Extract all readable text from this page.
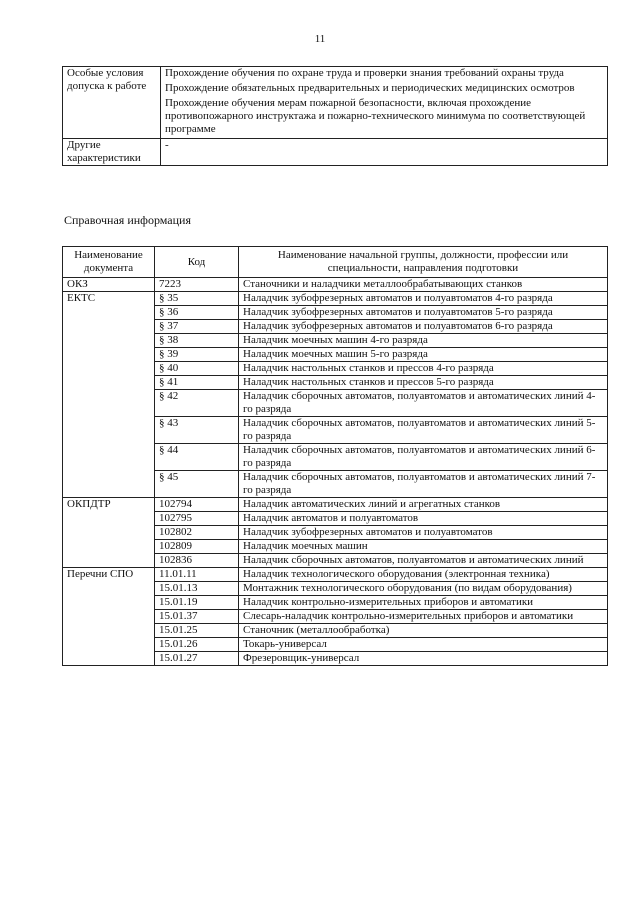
11
Особые условия допуска к работе	Прохождение обучения по охране труда и проверки знания требований охраны труда
Прохождение обязательных предварительных и периодических медицинских осмотров
Прохождение обучения мерам пожарной безопасности, включая прохождение противопожарного инструктажа и пожарно-технического минимума по соответствующей программе

Другие характеристики	-
Справочная информация
Наименование документа	Код	Наименование начальной группы, должности, профессии или специальности, направления подготовки
ОКЗ	7223	Станочники и наладчики металлообрабатывающих станков
ЕКТС	§ 35	Наладчик зубофрезерных автоматов и полуавтоматов 4-го разряда
	§ 36	Наладчик зубофрезерных автоматов и полуавтоматов 5-го разряда
	§ 37	Наладчик зубофрезерных автоматов и полуавтоматов 6-го разряда
	§ 38	Наладчик моечных машин 4-го разряда
	§ 39	Наладчик моечных машин 5-го разряда
	§ 40	Наладчик настольных станков и прессов 4-го разряда
	§ 41	Наладчик настольных станков и прессов 5-го разряда
	§ 42	Наладчик сборочных автоматов, полуавтоматов и автоматических линий 4-го разряда
	§ 43	Наладчик сборочных автоматов, полуавтоматов и автоматических линий 5-го разряда
	§ 44	Наладчик сборочных автоматов, полуавтоматов и автоматических линий 6-го разряда
	§ 45	Наладчик сборочных автоматов, полуавтоматов и автоматических линий 7-го разряда
ОКПДТР	102794	Наладчик автоматических линий и агрегатных станков
	102795	Наладчик автоматов и полуавтоматов
	102802	Наладчик зубофрезерных автоматов и полуавтоматов
	102809	Наладчик моечных машин
	102836	Наладчик сборочных автоматов, полуавтоматов и автоматических линий
Перечни СПО	11.01.11	Наладчик технологического оборудования (электронная техника)
	15.01.13	Монтажник технологического оборудования (по видам оборудования)
	15.01.19	Наладчик контрольно-измерительных приборов и автоматики
	15.01.37	Слесарь-наладчик контрольно-измерительных приборов и автоматики
	15.01.25	Станочник (металлообработка)
	15.01.26	Токарь-универсал
	15.01.27	Фрезеровщик-универсал
